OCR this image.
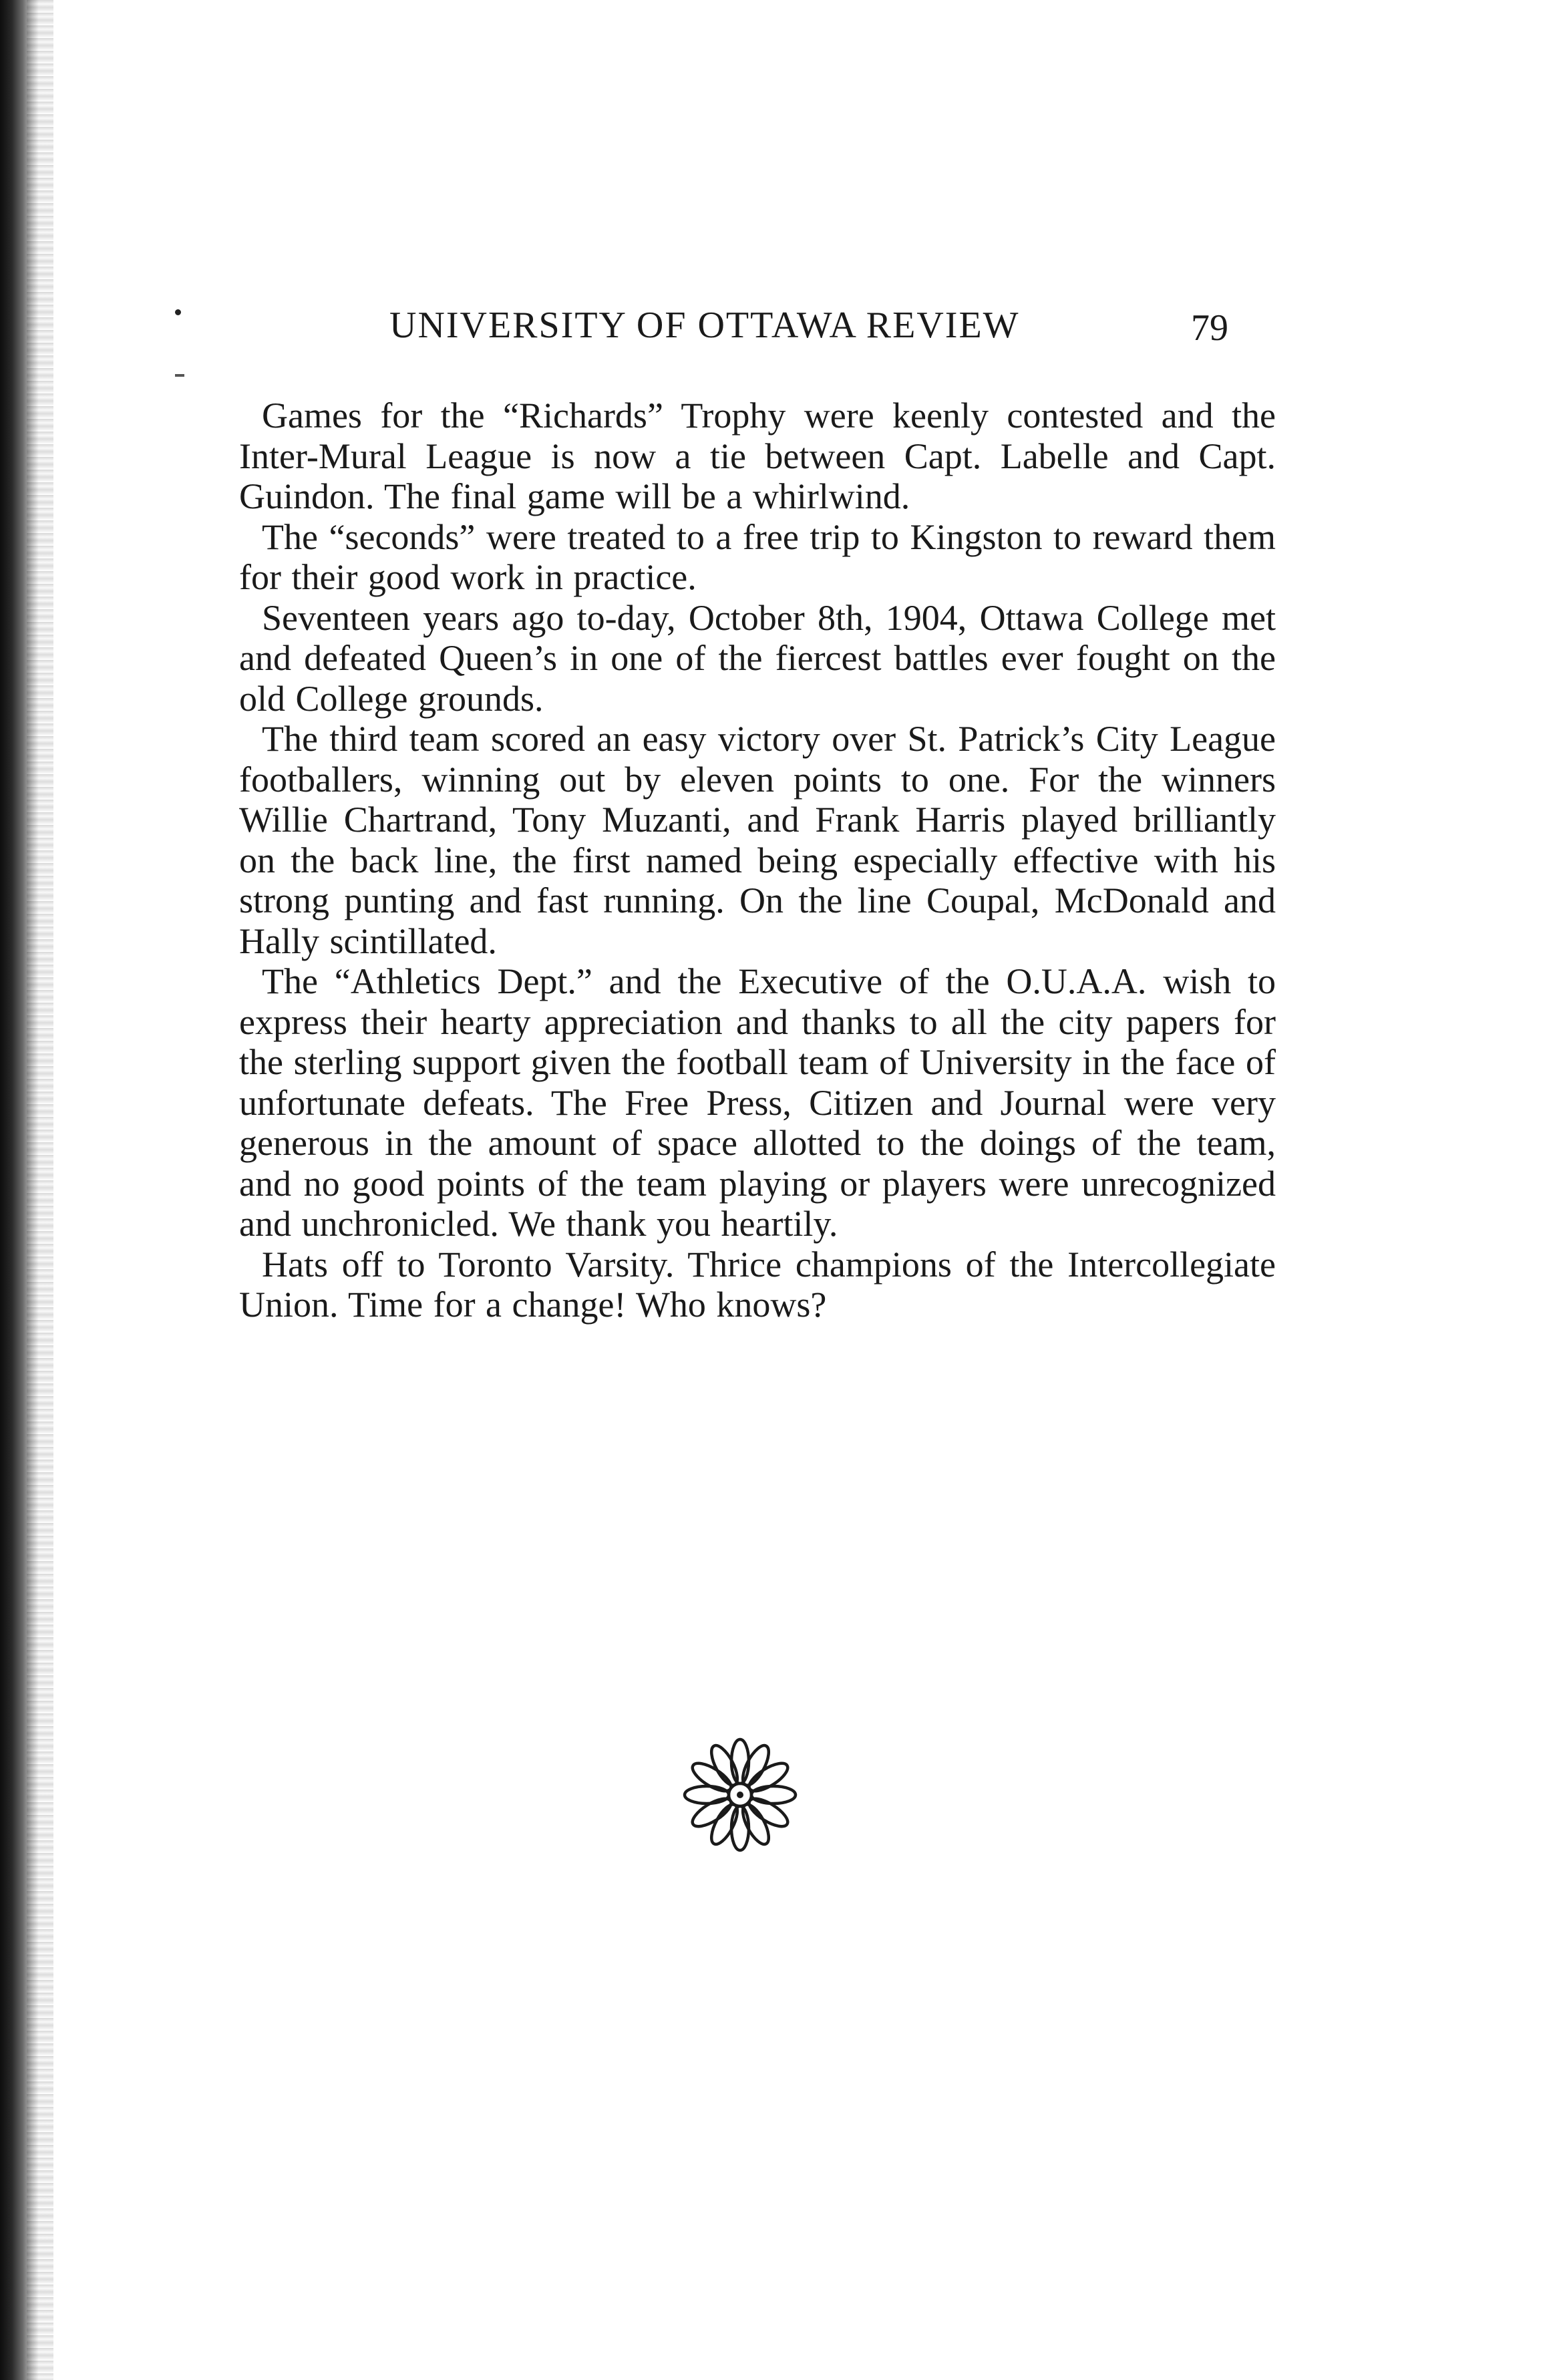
UNIVERSITY OF OTTAWA REVIEW	79

Games for the “Richards” Trophy were keenly contested and the Inter-Mural League is now a tie between Capt. Labelle and Capt. Guindon. The final game will be a whirlwind.

The “seconds” were treated to a free trip to Kingston to reward them for their good work in practice.

Seventeen years ago to-day, October 8th, 1904, Ottawa College met and defeated Queen’s in one of the fiercest battles ever fought on the old College grounds.

The third team scored an easy victory over St. Patrick’s City League footballers, winning out by eleven points to one. For the winners Willie Chartrand, Tony Muzanti, and Frank Harris played brilliantly on the back line, the first named being especially effective with his strong punting and fast running. On the line Coupal, McDonald and Hally scintillated.

The “Athletics Dept.” and the Executive of the O.U.A.A. wish to express their hearty appreciation and thanks to all the city papers for the sterling support given the football team of University in the face of unfortunate defeats. The Free Press, Citizen and Journal were very generous in the amount of space allotted to the doings of the team, and no good points of the team playing or players were unrecognized and unchronicled. We thank you heartily.

Hats off to Toronto Varsity. Thrice champions of the Intercollegiate Union. Time for a change! Who knows?
